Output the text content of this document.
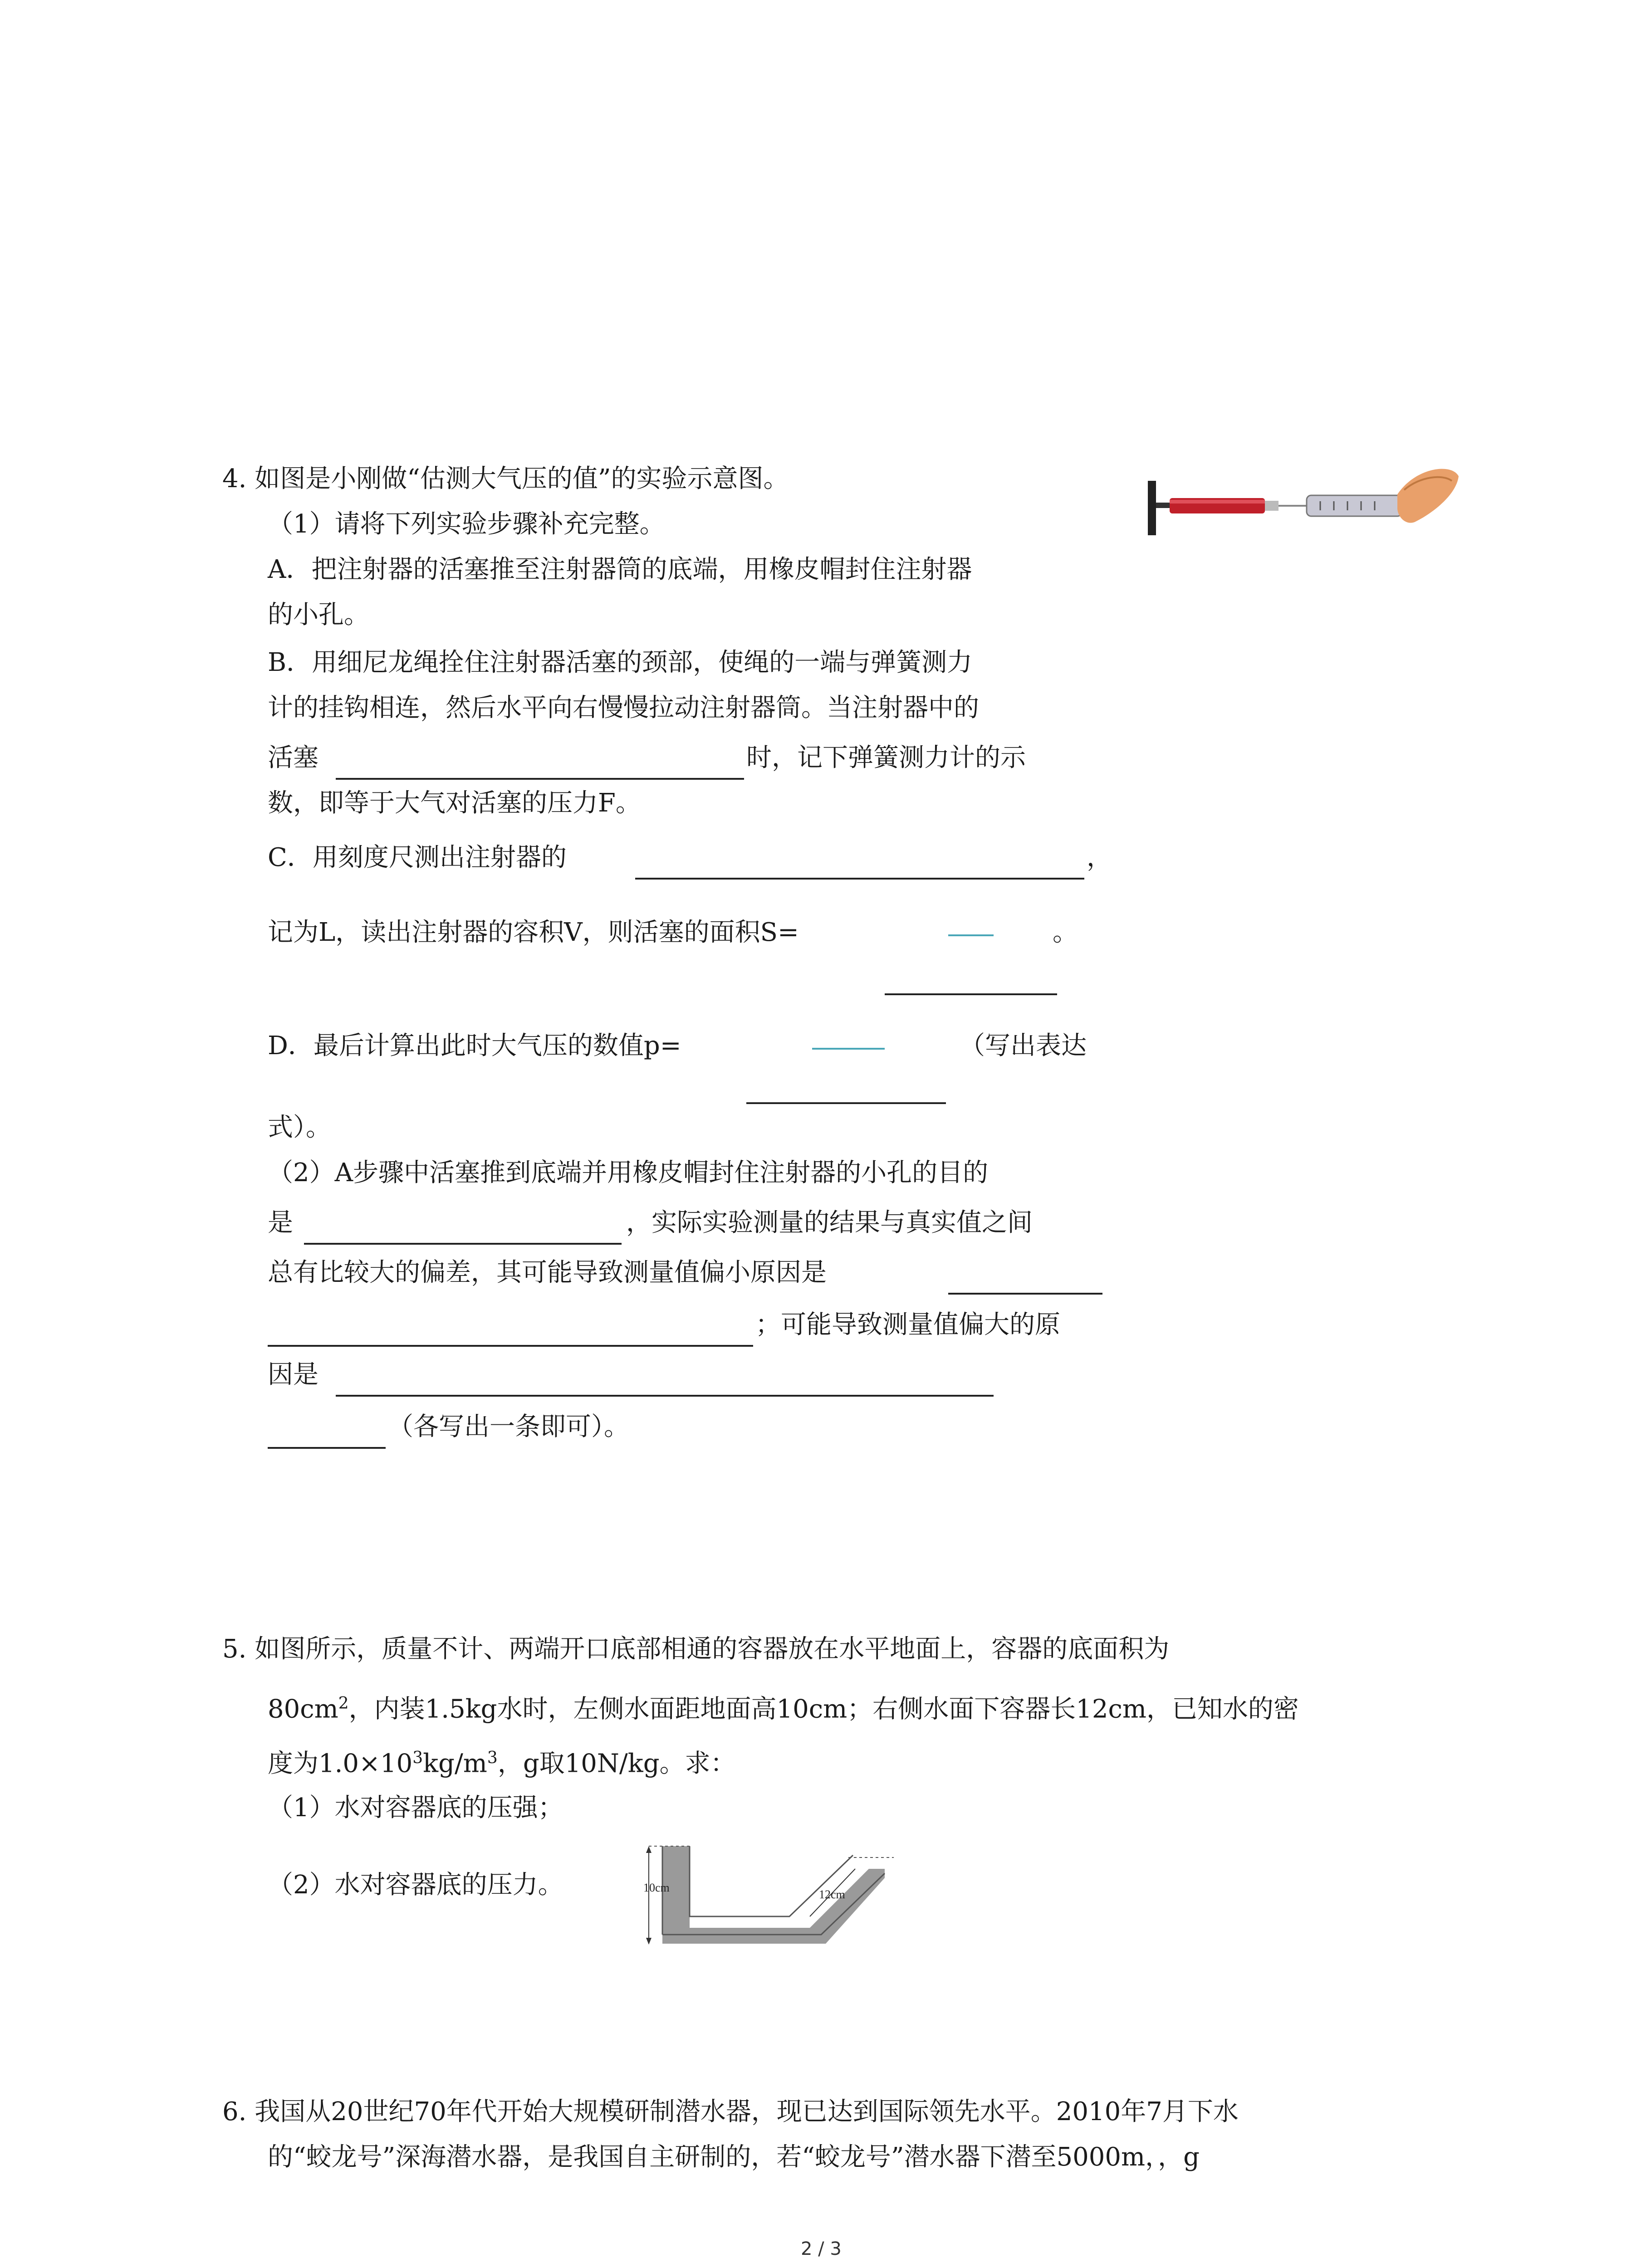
4. 如图是小刚做“估测大气压的值”的实验示意图。
（1）请将下列实验步骤补充完整。
A．把注射器的活塞推至注射器筒的底端，用橡皮帽封住注射器
的小孔。
B．用细尼龙绳拴住注射器活塞的颈部，使绳的一端与弹簧测力
计的挂钩相连，然后水平向右慢慢拉动注射器筒。当注射器中的
活塞	时，记下弹簧测力计的示
数，即等于大气对活塞的压力F。
C．用刻度尺测出注射器的	，
记为L，读出注射器的容积V，则活塞的面积S=	。
D．最后计算出此时大气压的数值p=	（写出表达
式）。
（2）A步骤中活塞推到底端并用橡皮帽封住注射器的小孔的目的
是	，实际实验测量的结果与真实值之间
总有比较大的偏差，其可能导致测量值偏小原因是
；可能导致测量值偏大的原
因是
（各写出一条即可）。
5. 如图所示，质量不计、两端开口底部相通的容器放在水平地面上，容器的底面积为
$80cm^2$，内装1.5kg水时，左侧水面距地面高10cm；右侧水面下容器长12cm，已知水的密
度为$1.0\times 10^3kg/m^3$，g取10N/kg。求：
（1）水对容器底的压强；
（2）水对容器底的压力。	10cm
12cm
6. 我国从20世纪70年代开始大规模研制潜水器，现已达到国际领先水平。2010年7月下水
的“蛟龙号”深海潜水器，是我国自主研制的，若“蛟龙号”潜水器下潜至5000m，，g
2 / 3
